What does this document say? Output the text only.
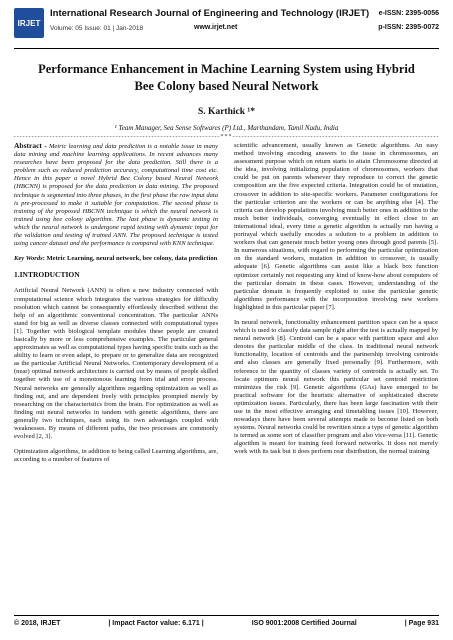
IRJET
International Research Journal of Engineering and Technology (IRJET)
Volume: 05 Issue: 01 | Jan-2018	www.irjet.net
e-ISSN: 2395-0056
p-ISSN: 2395-0072
Performance Enhancement in Machine Learning System using Hybrid Bee Colony based Neural Network
S. Karthick ¹*
¹ Team Manager, Sea Sense Softwares (P) Ltd., Marthandam, Tamil Nadu, India
---------------------------------------------------------------------***---------------------------------------------------------------------

Abstract - Metric learning and data prediction is a notable issue in many data mining and machine learning applications. In recent advances many researches have been proposed for the data prediction. Still there is a problem such as reduced prediction accuracy, computational time cost etc. Hence in this paper a novel Hybrid Bee Colony based Neural Network (HBCNN) is proposed for the data prediction in data mining. The proposed technique is segmented into three phases, in the first phase the raw input data is pre-processed to make it suitable for computation. The second phase is training of the proposed HBCNN technique is which the neural network is trained using bee colony algorithm. The last phase is dynamic testing in which the neural network is undergone rapid testing with dynamic input for the validation and testing of trained ANN. The proposed technique is tested using cancer dataset and the performance is compared with KNN technique.

Key Words: Metric Learning, neural network, bee colony, data prediction

1.INTRODUCTION

Artificial Neural Network (ANN) is often a new industry connected with computational science which integrates the various strategies for difficulty resolution which cannot be consequently effortlessly described without the help of an algorithmic conventional concentration. The particular ANNs stand for big as well as diverse classes connected with computational types [1]. Together with biological template modules these people are created basically by more or less comprehensive examples. The particular general approximates as well as computational types having specific traits such as the ability to learn or even adapt, to prepare or to generalize data are recognized as the particular Artificial Neural Networks. Contemporary development of a (near) optimal network architecture is carried out by means of people skilled together with use of a monotonous learning from trial and error process. Neural networks are generally algorithms regarding optimization as well as finding out, and are dependent freely with principles prompted merely by researching on the characteristics from the brain. For optimization as well as finding out neural networks in tandem with genetic algorithms, there are generally two techniques, each using its own advantages coupled with weaknesses. By means of different paths, the two processes are commonly evolved [2, 3].

Optimization algorithms, in addition to being called Learning algorithms, are, according to a number of features of

scientific advancement, usually known as Genetic algorithms. An easy method involving encoding answers to the issue in chromosomes, an assessment purpose which on return starts to attain Chromosome directed at the idea, involving initializing population of chromosomes, workers that could be put on parents whenever they reproduce to correct the genetic composition are the five expected criteria. Integration could be of mutation, crossover in addition to site-specific workers. Parameter configurations for the particular criterion are the workers or can be anything else [4]. The criteria can develop populations involving much better ones in addition to the much better individuals, converging eventually in effect close to an international ideal, every time a genetic algorithm is actually run having a portrayal which usefully encodes a solution to a problem in addition to workers that can generate much better young ones through good parents [5]. In numerous situations, with regard to performing the particular optimization on the standard workers, mutation in addition to crossover, is usually adequate [6]. Genetic algorithms can assist like a black box function optimizer certainly not requesting any kind of know-how about computers of the particular domain in these cases. However, understanding of the particular domain is frequently exploited to raise the particular genetic algorithms performance with the incorporation involving new workers highlighted in this particular paper [7].

In neural network, functionality enhancement partition space can be a space which is used to classify data sample right after the test is actually mapped by neural network [8]. Centroid can be a space with partition space and also denotes the particular middle of the class. In traditional neural network functionality, location of centroids and the partnership involving centroids and also classes are generally fixed personally [9]. Furthermore, with reference to the quantity of classes variety of centroids is actually set. To locate optimum neural network this particular set centroid restriction minimizes the risk [9]. Genetic algorithms (GAs) have emerged to be practical software for the heuristic alternative of sophisticated discrete optimization issues. Particularly, there has been large fascination with their use in the most effective arranging and timetabling issues [10]. However, nowadays there have been several attempts made to become listed on both systems. Neural networks could be rewritten since a type of genetic algorithm is termed as some sort of classifier program and also vice-versa [11]. Genetic algorithm is meant for training feed forward networks. It does not merely work with its task but it does perform rear distribution, the normal training

© 2018, IRJET	| Impact Factor value: 6.171 |	ISO 9001:2008 Certified Journal	| Page 931
